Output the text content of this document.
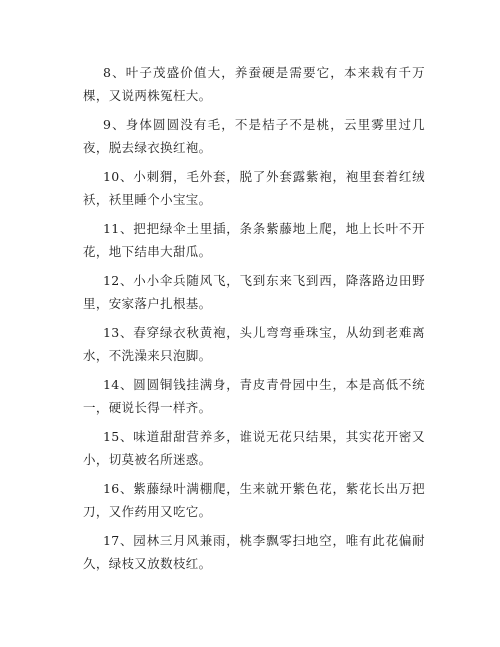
8、叶子茂盛价值大，养蚕硬是需要它，本来栽有千万棵，又说两株冤枉大。
9、身体圆圆没有毛，不是桔子不是桃，云里雾里过几夜，脱去绿衣换红袍。
10、小刺猬，毛外套，脱了外套露紫袍，袍里套着红绒袄，袄里睡个小宝宝。
11、把把绿伞土里插，条条紫藤地上爬，地上长叶不开花，地下结串大甜瓜。
12、小小伞兵随风飞，飞到东来飞到西，降落路边田野里，安家落户扎根基。
13、春穿绿衣秋黄袍，头儿弯弯垂珠宝，从幼到老难离水，不洗澡来只泡脚。
14、圆圆铜钱挂满身，青皮青骨园中生，本是高低不统一，硬说长得一样齐。
15、味道甜甜营养多，谁说无花只结果，其实花开密又小，切莫被名所迷惑。
16、紫藤绿叶满棚爬，生来就开紫色花，紫花长出万把刀，又作药用又吃它。
17、园林三月风兼雨，桃李飘零扫地空，唯有此花偏耐久，绿枝又放数枝红。
